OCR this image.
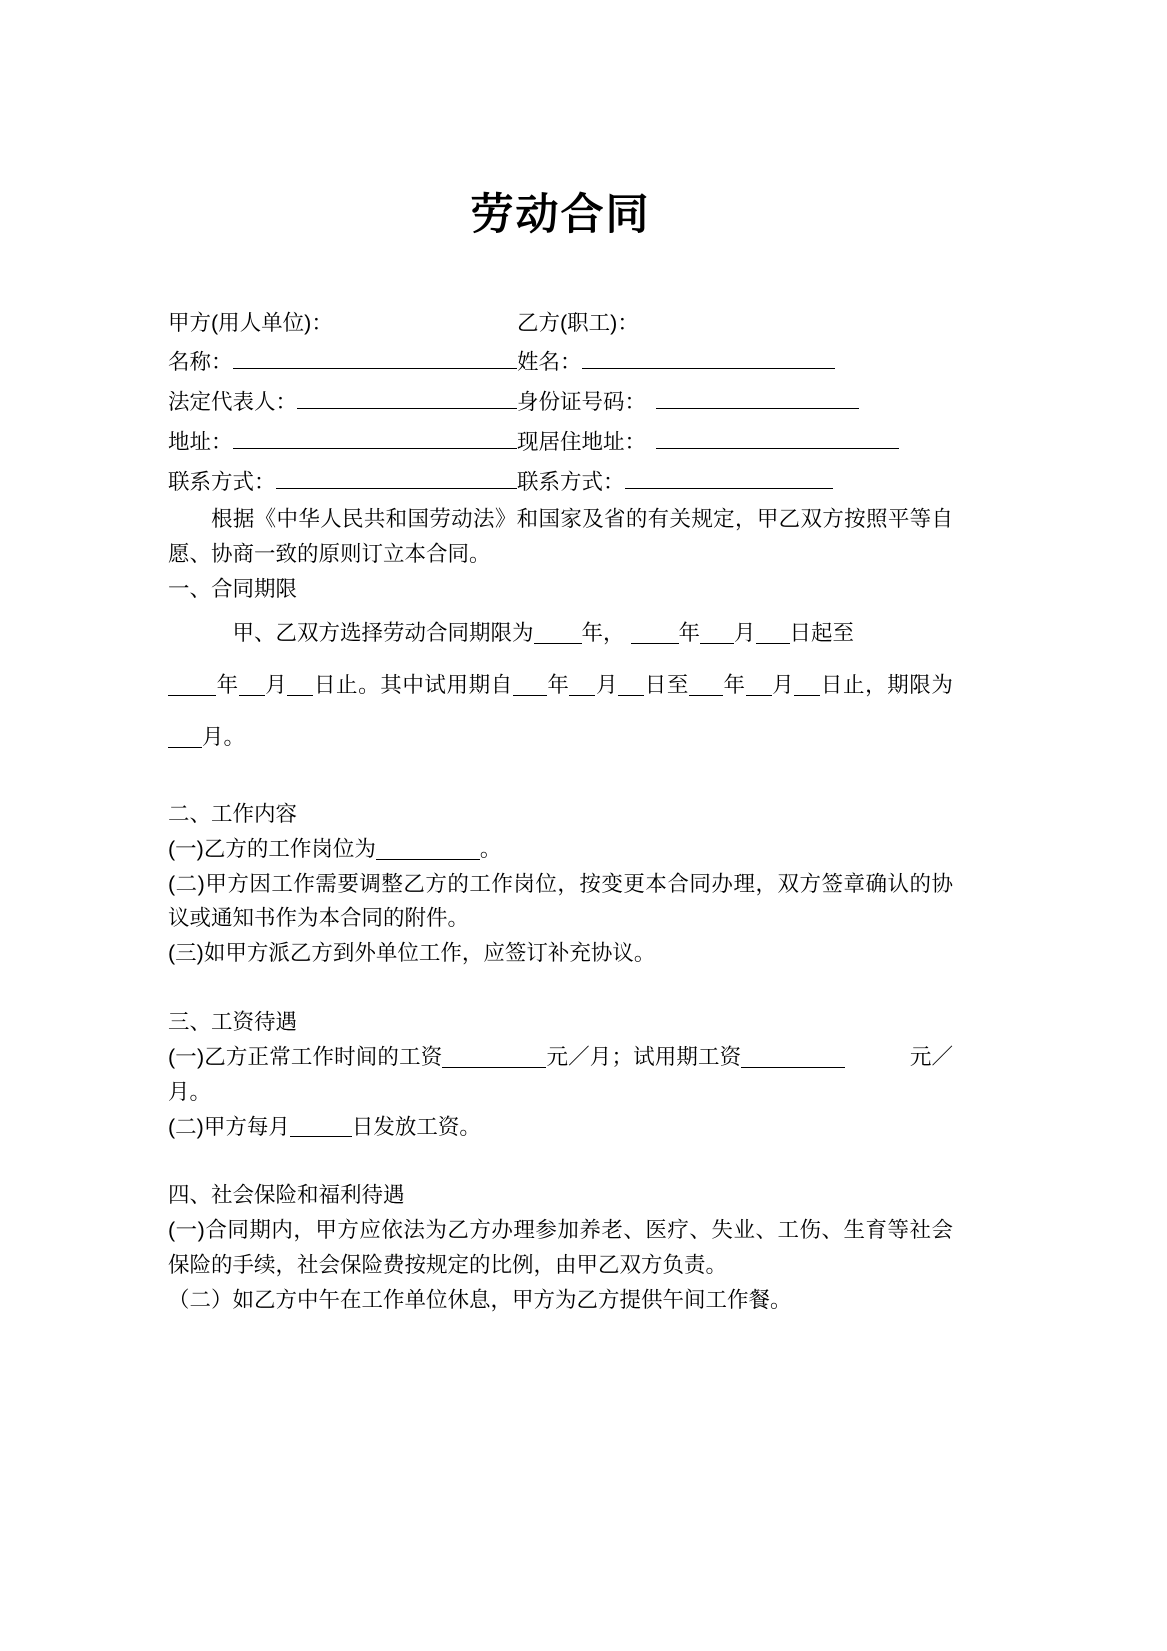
劳动合同
甲方(用人单位)：	乙方(职工)：
名称：	姓名：
法定代表人：	身份证号码：
地址：	现居住地址：
联系方式：	联系方式：

根据《中华人民共和国劳动法》和国家及省的有关规定，甲乙双方按照平等自愿、协商一致的原则订立本合同。

一、合同期限
甲、乙双方选择劳动合同期限为 年，	年 月 日起至
年 月 日止。其中试用期自 年 月 日至 年 月 日止，期限为月。
二、工作内容

(一)乙方的工作岗位为	。

(二)甲方因工作需要调整乙方的工作岗位，按变更本合同办理，双方签章确认的协议或通知书作为本合同的附件。

(三)如甲方派乙方到外单位工作，应签订补充协议。

三、工资待遇

(一)乙方正常工作时间的工资	元／月；试用期工资	元／月。

(二)甲方每月	日发放工资。

四、社会保险和福利待遇

(一)合同期内，甲方应依法为乙方办理参加养老、医疗、失业、工伤、生育等社会保险的手续，社会保险费按规定的比例，由甲乙双方负责。

（二）如乙方中午在工作单位休息，甲方为乙方提供午间工作餐。
